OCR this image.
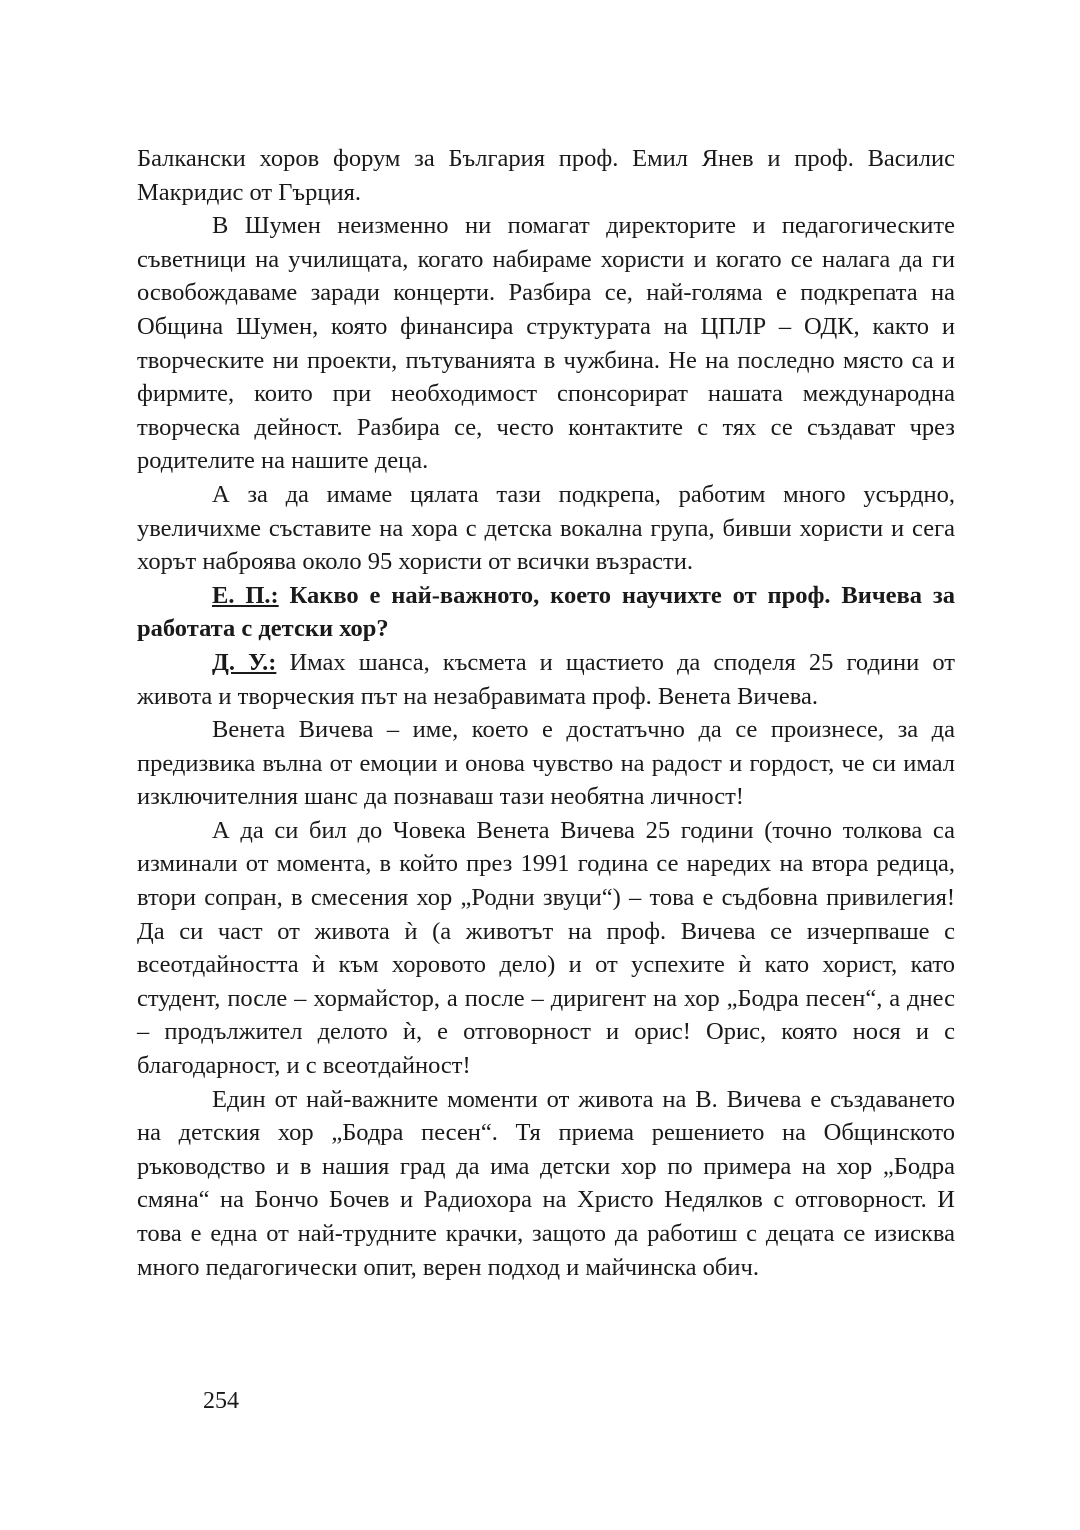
Балкански хоров форум за България проф. Емил Янев и проф. Василис Макридис от Гърция.

В Шумен неизменно ни помагат директорите и педагогическите съветници на училищата, когато набираме хористи и когато се налага да ги освобождаваме заради концерти. Разбира се, най-голяма е подкрепата на Община Шумен, която финансира структурата на ЦПЛР – ОДК, както и творческите ни проекти, пътуванията в чужбина. Не на последно място са и фирмите, които при необходимост спонсорират нашата международна творческа дейност. Разбира се, често контактите с тях се създават чрез родителите на нашите деца.

А за да имаме цялата тази подкрепа, работим много усърдно, увеличихме съставите на хора с детска вокална група, бивши хористи и сега хорът наброява около 95 хористи от всички възрасти.

Е. П.: Какво е най-важното, което научихте от проф. Вичева за работата с детски хор?

Д. У.: Имах шанса, късмета и щастието да споделя 25 години от живота и творческия път на незабравимата проф. Венета Вичева.

Венета Вичева – име, което е достатъчно да се произнесе, за да предизвика вълна от емоции и онова чувство на радост и гордост, че си имал изключителния шанс да познаваш тази необятна личност!

А да си бил до Човека Венета Вичева 25 години (точно толкова са изминали от момента, в който през 1991 година се наредих на втора редица, втори сопран, в смесения хор „Родни звуци“) – това е съдбовна привилегия! Да си част от живота ѝ (а животът на проф. Вичева се изчерпваше с всеотдайността ѝ към хоровото дело) и от успехите ѝ като хорист, като студент, после – хормайстор, а после – диригент на хор „Бодра песен“, а днес – продължител делото ѝ, е отговорност и орис! Орис, която нося и с благодарност, и с всеотдайност!

Един от най-важните моменти от живота на В. Вичева е създаването на детския хор „Бодра песен“. Тя приема решението на Общинското ръководство и в нашия град да има детски хор по примера на хор „Бодра смяна“ на Бончо Бочев и Радиохора на Христо Недялков с отговорност. И това е една от най-трудните крачки, защото да работиш с децата се изисква много педагогически опит, верен подход и майчинска обич.

254
